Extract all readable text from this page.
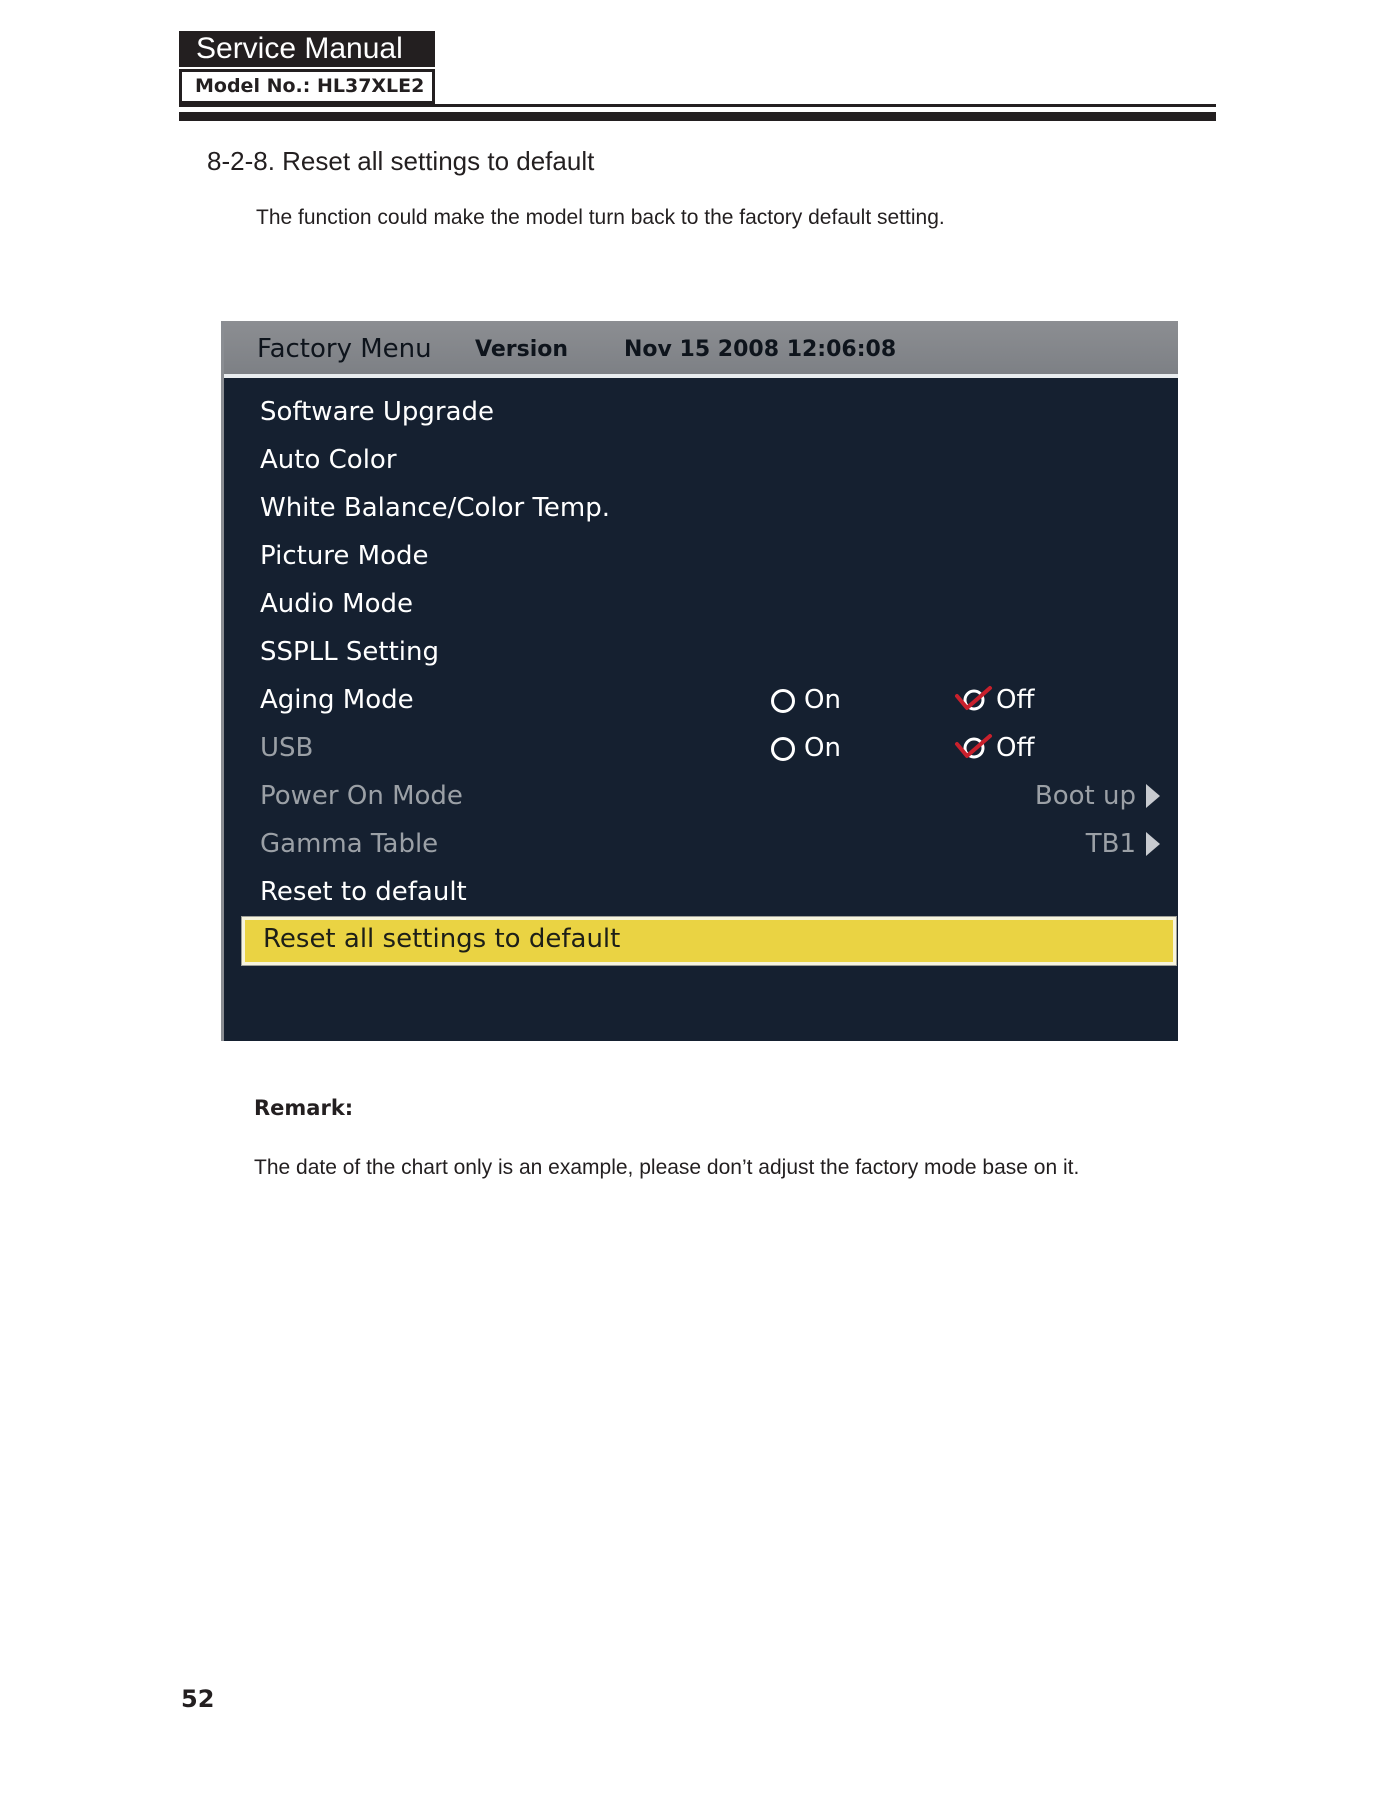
Service Manual
Model No.: HL37XLE2
8-2-8. Reset all settings to default
The function could make the model turn back to the factory default setting.
Factory Menu Version	Nov 15 2008 12:06:08
Software Upgrade
Auto Color
White Balance/Color Temp.
Picture Mode
Audio Mode
SSPLL Setting
Aging Mode	On	Off
USB	On	Off
Power On Mode	Boot up
Gamma Table	TB1
Reset to default
Reset all settings to default
Remark:
The date of the chart only is an example, please don’t adjust the factory mode base on it.
52
